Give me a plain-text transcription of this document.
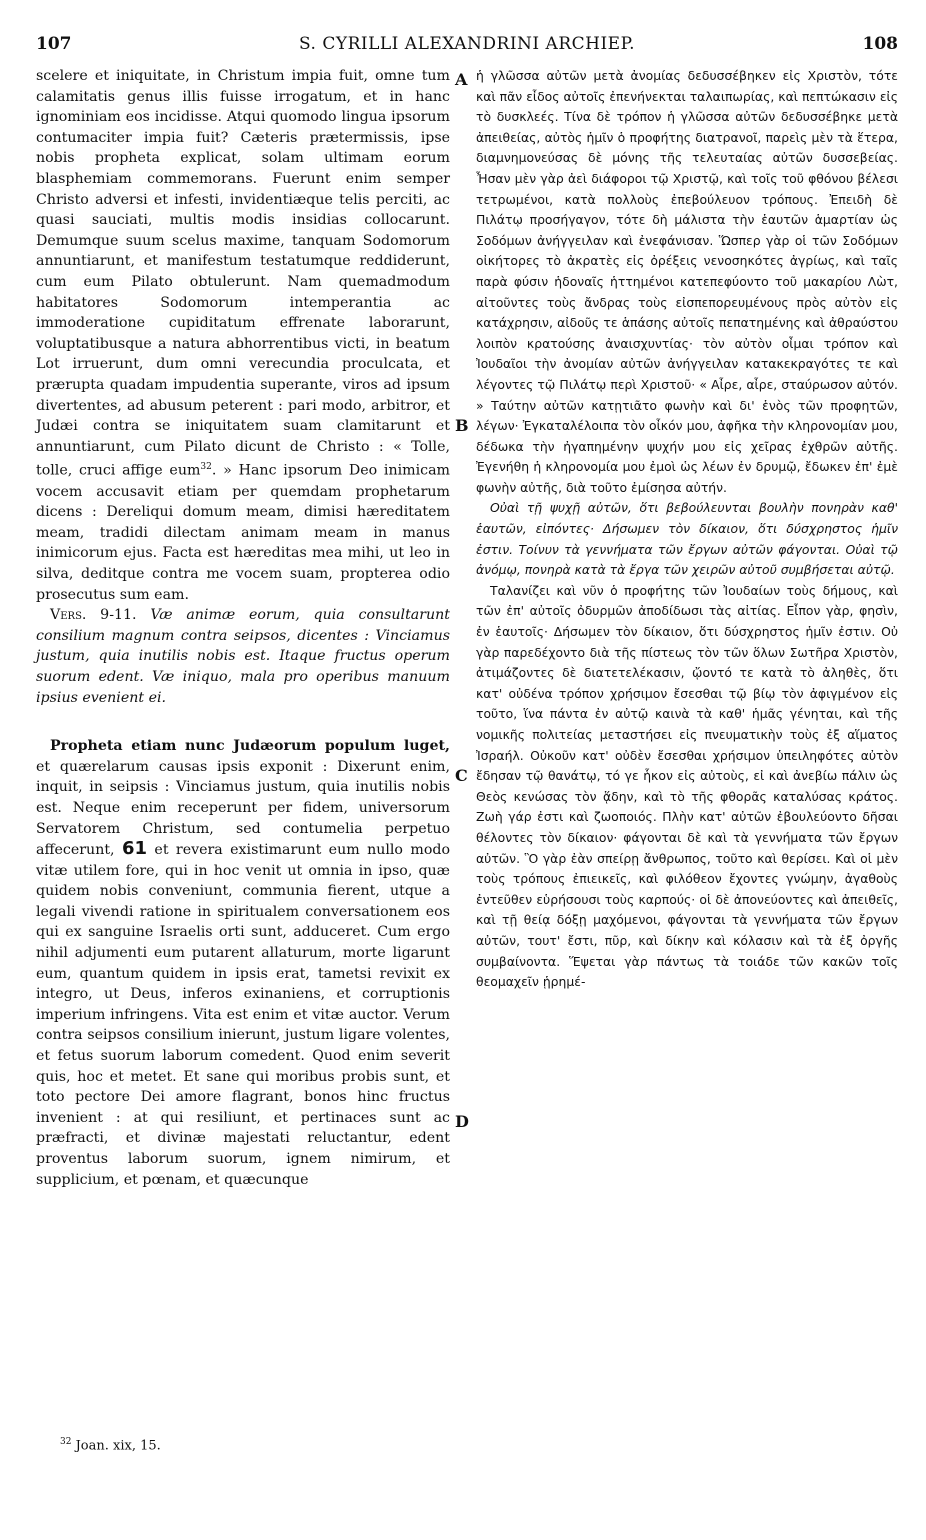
107	S. CYRILLI ALEXANDRINI ARCHIEP.	108

scelere et iniquitate, in Christum impia fuit, omne tum calamitatis genus illis fuisse irrogatum, et in hanc ignominiam eos incidisse. Atqui quomodo lingua ipsorum contumaciter impia fuit? Cæteris prætermissis, ipse nobis propheta explicat, solam ultimam eorum blasphemiam commemorans. Fuerunt enim semper Christo adversi et infesti, invidentiæque telis perciti, ac quasi sauciati, multis modis insidias collocarunt. Demumque suum scelus maxime, tanquam Sodomorum annuntiarunt, et manifestum testatumque reddiderunt, cum eum Pilato obtulerunt. Nam quemadmodum habitatores Sodomorum intemperantia ac immoderatione cupiditatum effrenate laborarunt, voluptatibusque a natura abhorrentibus victi, in beatum Lot irruerunt, dum omni verecundia proculcata, et prærupta quadam impudentia superante, viros ad ipsum divertentes, ad abusum peterent : pari modo, arbitror, et Judæi contra se iniquitatem suam clamitarunt et annuntiarunt, cum Pilato dicunt de Christo : « Tolle, tolle, cruci affige eum$^{32}$. » Hanc ipsorum Deo inimicam vocem accusavit etiam per quemdam prophetarum dicens : Dereliqui domum meam, dimisi hæreditatem meam, tradidi dilectam animam meam in manus inimicorum ejus. Facta est hæreditas mea mihi, ut leo in silva, deditque contra me vocem suam, propterea odio prosecutus sum eam.

Vers. 9-11. Væ animæ eorum, quia consultarunt consilium magnum contra seipsos, dicentes : Vinciamus justum, quia inutilis nobis est. Itaque fructus operum suorum edent. Væ iniquo, mala pro operibus manuum ipsius evenient ei.

Propheta etiam nunc Judæorum populum luget, et quærelarum causas ipsis exponit : Dixerunt enim, inquit, in seipsis : Vinciamus justum, quia inutilis nobis est. Neque enim receperunt per fidem, universorum Servatorem Christum, sed contumelia perpetuo affecerunt, 61 et revera existimarunt eum nullo modo vitæ utilem fore, qui in hoc venit ut omnia in ipso, quæ quidem nobis conveniunt, communia fierent, utque a legali vivendi ratione in spiritualem conversationem eos qui ex sanguine Israelis orti sunt, adduceret. Cum ergo nihil adjumenti eum putarent allaturum, morte ligarunt eum, quantum quidem in ipsis erat, tametsi revixit ex integro, ut Deus, inferos exinaniens, et corruptionis imperium infringens. Vita est enim et vitæ auctor. Verum contra seipsos consilium inierunt, justum ligare volentes, et fetus suorum laborum comedent. Quod enim severit quis, hoc et metet. Et sane qui moribus probis sunt, et toto pectore Dei amore flagrant, bonos hinc fructus invenient : at qui resiliunt, et pertinaces sunt ac præfracti, et divinæ majestati reluctantur, edent proventus laborum suorum, ignem nimirum, et supplicium, et pœnam, et quæcunque

A
B
C
D

ἡ γλῶσσα αὐτῶν μετὰ ἀνομίας δεδυσσέβηκεν εἰς Χριστὸν, τότε καὶ πᾶν εἶδος αὐτοῖς ἐπενήνεκται ταλαιπωρίας, καὶ πεπτώκασιν εἰς τὸ δυσκλεές. Τίνα δὲ τρόπον ἡ γλῶσσα αὐτῶν δεδυσσέβηκε μετὰ ἀπειθείας, αὐτὸς ἡμῖν ὁ προφήτης διατρανοῖ, παρεὶς μὲν τὰ ἕτερα, διαμνημονεύσας δὲ μόνης τῆς τελευταίας αὐτῶν δυσσεβείας. Ἦσαν μὲν γὰρ ἀεὶ διάφοροι τῷ Χριστῷ, καὶ τοῖς τοῦ φθόνου βέλεσι τετρωμένοι, κατὰ πολλοὺς ἐπεβούλευον τρόπους. Ἐπειδὴ δὲ Πιλάτῳ προσήγαγον, τότε δὴ μάλιστα τὴν ἑαυτῶν ἁμαρτίαν ὡς Σοδόμων ἀνήγγειλαν καὶ ἐνεφάνισαν. Ὥσπερ γὰρ οἱ τῶν Σοδόμων οἰκήτορες τὸ ἀκρατὲς εἰς ὀρέξεις νενοσηκότες ἀγρίως, καὶ ταῖς παρὰ φύσιν ἡδοναῖς ἡττημένοι κατεπεφύοντο τοῦ μακαρίου Λὼτ, αἰτοῦντες τοὺς ἄνδρας τοὺς εἰσπεπορευμένους πρὸς αὐτὸν εἰς κατάχρησιν, αἰδοῦς τε ἁπάσης αὐτοῖς πεπατημένης καὶ ἀθραύστου λοιπὸν κρατούσης ἀναισχυντίας· τὸν αὐτὸν οἶμαι τρόπον καὶ Ἰουδαῖοι τὴν ἀνομίαν αὐτῶν ἀνήγγειλαν κατακεκραγότες τε καὶ λέγοντες τῷ Πιλάτῳ περὶ Χριστοῦ· « Αἶρε, αἶρε, σταύρωσον αὐτόν. » Ταύτην αὐτῶν κατῃτιᾶτο φωνὴν καὶ δι' ἑνὸς τῶν προφητῶν, λέγων· Ἐγκαταλέλοιπα τὸν οἶκόν μου, ἀφῆκα τὴν κληρονομίαν μου, δέδωκα τὴν ἠγαπημένην ψυχήν μου εἰς χεῖρας ἐχθρῶν αὐτῆς. Ἐγενήθη ἡ κληρονομία μου ἐμοὶ ὡς λέων ἐν δρυμῷ, ἔδωκεν ἐπ' ἐμὲ φωνὴν αὐτῆς, διὰ τοῦτο ἐμίσησα αὐτήν.

Οὐαὶ τῇ ψυχῇ αὐτῶν, ὅτι βεβούλευνται βουλὴν πονηρὰν καθ' ἑαυτῶν, εἰπόντες· Δήσωμεν τὸν δίκαιον, ὅτι δύσχρηστος ἡμῖν ἐστιν. Τοίνυν τὰ γεννήματα τῶν ἔργων αὐτῶν φάγονται. Οὐαὶ τῷ ἀνόμῳ, πονηρὰ κατὰ τὰ ἔργα τῶν χειρῶν αὐτοῦ συμβήσεται αὐτῷ.

Ταλανίζει καὶ νῦν ὁ προφήτης τῶν Ἰουδαίων τοὺς δήμους, καὶ τῶν ἐπ' αὐτοῖς ὀδυρμῶν ἀποδίδωσι τὰς αἰτίας. Εἶπον γὰρ, φησὶν, ἐν ἑαυτοῖς· Δήσωμεν τὸν δίκαιον, ὅτι δύσχρηστος ἡμῖν ἐστιν. Οὐ γὰρ παρεδέχοντο διὰ τῆς πίστεως τὸν τῶν ὅλων Σωτῆρα Χριστὸν, ἀτιμάζοντες δὲ διατετελέκασιν, ᾤοντό τε κατὰ τὸ ἀληθὲς, ὅτι κατ' οὐδένα τρόπον χρήσιμον ἔσεσθαι τῷ βίῳ τὸν ἀφιγμένον εἰς τοῦτο, ἵνα πάντα ἐν αὐτῷ καινὰ τὰ καθ' ἡμᾶς γένηται, καὶ τῆς νομικῆς πολιτείας μεταστήσει εἰς πνευματικὴν τοὺς ἐξ αἵματος Ἰσραήλ. Οὐκοῦν κατ' οὐδὲν ἔσεσθαι χρήσιμον ὑπειληφότες αὐτὸν ἔδησαν τῷ θανάτῳ, τό γε ἧκον εἰς αὐτοὺς, εἰ καὶ ἀνεβίω πάλιν ὡς Θεὸς κενώσας τὸν ᾅδην, καὶ τὸ τῆς φθορᾶς καταλύσας κράτος. Ζωὴ γάρ ἐστι καὶ ζωοποιός. Πλὴν κατ' αὐτῶν ἐβουλεύοντο δῆσαι θέλοντες τὸν δίκαιον· φάγονται δὲ καὶ τὰ γεννήματα τῶν ἔργων αὐτῶν. Ὃ γὰρ ἐὰν σπείρῃ ἄνθρωπος, τοῦτο καὶ θερίσει. Καὶ οἱ μὲν τοὺς τρόπους ἐπιεικεῖς, καὶ φιλόθεον ἔχοντες γνώμην, ἀγαθοὺς ἐντεῦθεν εὑρήσουσι τοὺς καρπούς· οἱ δὲ ἀπονεύοντες καὶ ἀπειθεῖς, καὶ τῇ θείᾳ δόξῃ μαχόμενοι, φάγονται τὰ γεννήματα τῶν ἔργων αὐτῶν, τουτ' ἔστι, πῦρ, καὶ δίκην καὶ κόλασιν καὶ τὰ ἐξ ὀργῆς συμβαίνοντα. Ἕψεται γὰρ πάντως τὰ τοιάδε τῶν κακῶν τοῖς θεομαχεῖν ᾑρημέ-

$^{32}$ Joan. xix, 15.
